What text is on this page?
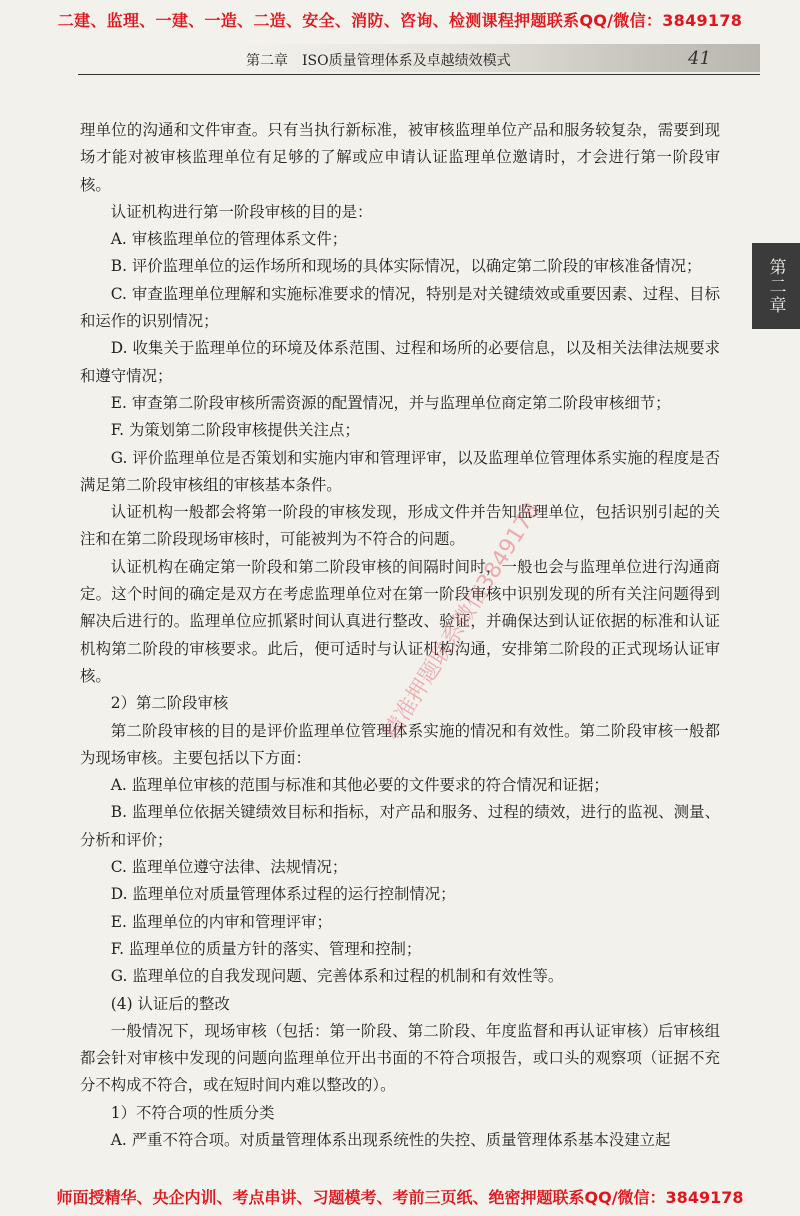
二建、监理、一建、一造、二造、安全、消防、咨询、检测课程押题联系QQ/微信：3849178
第二章　ISO质量管理体系及卓越绩效模式	41
第二章

理单位的沟通和文件审查。只有当执行新标准，被审核监理单位产品和服务较复杂，需要到现场才能对被审核监理单位有足够的了解或应申请认证监理单位邀请时，才会进行第一阶段审核。

认证机构进行第一阶段审核的目的是：

A. 审核监理单位的管理体系文件；

B. 评价监理单位的运作场所和现场的具体实际情况，以确定第二阶段的审核准备情况；

C. 审查监理单位理解和实施标准要求的情况，特别是对关键绩效或重要因素、过程、目标和运作的识别情况；

D. 收集关于监理单位的环境及体系范围、过程和场所的必要信息，以及相关法律法规要求和遵守情况；

E. 审查第二阶段审核所需资源的配置情况，并与监理单位商定第二阶段审核细节；

F. 为策划第二阶段审核提供关注点；

G. 评价监理单位是否策划和实施内审和管理评审，以及监理单位管理体系实施的程度是否满足第二阶段审核组的审核基本条件。

认证机构一般都会将第一阶段的审核发现，形成文件并告知监理单位，包括识别引起的关注和在第二阶段现场审核时，可能被判为不符合的问题。

认证机构在确定第一阶段和第二阶段审核的间隔时间时，一般也会与监理单位进行沟通商定。这个时间的确定是双方在考虑监理单位对在第一阶段审核中识别发现的所有关注问题得到解决后进行的。监理单位应抓紧时间认真进行整改、验证，并确保达到认证依据的标准和认证机构第二阶段的审核要求。此后，便可适时与认证机构沟通，安排第二阶段的正式现场认证审核。

2）第二阶段审核

第二阶段审核的目的是评价监理单位管理体系实施的情况和有效性。第二阶段审核一般都为现场审核。主要包括以下方面：

A. 监理单位审核的范围与标准和其他必要的文件要求的符合情况和证据；

B. 监理单位依据关键绩效目标和指标，对产品和服务、过程的绩效，进行的监视、测量、分析和评价；

C. 监理单位遵守法律、法规情况；

D. 监理单位对质量管理体系过程的运行控制情况；

E. 监理单位的内审和管理评审；

F. 监理单位的质量方针的落实、管理和控制；

G. 监理单位的自我发现问题、完善体系和过程的机制和有效性等。

(4) 认证后的整改

一般情况下，现场审核（包括：第一阶段、第二阶段、年度监督和再认证审核）后审核组都会针对审核中发现的问题向监理单位开出书面的不符合项报告，或口头的观察项（证据不充分不构成不符合，或在短时间内难以整改的）。

1）不符合项的性质分类

A. 严重不符合项。对质量管理体系出现系统性的失控、质量管理体系基本没建立起

精准押题联系微信3849178
师面授精华、央企内训、考点串讲、习题模考、考前三页纸、绝密押题联系QQ/微信：3849178
